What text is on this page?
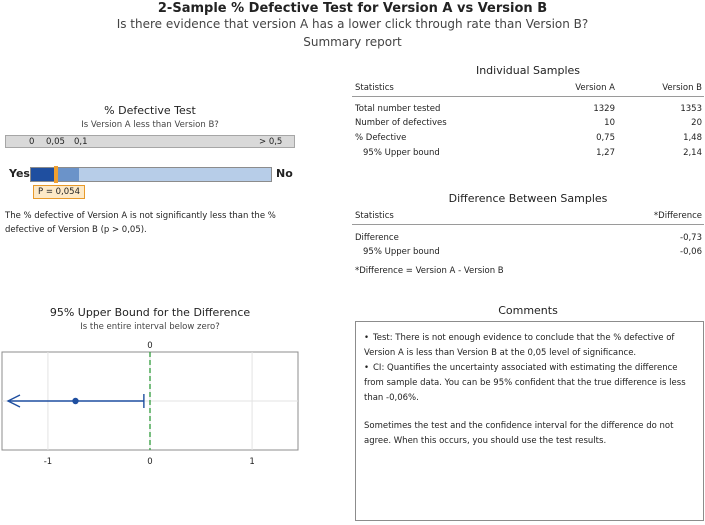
2-Sample % Defective Test for Version A vs Version B
Is there evidence that version A has a lower click through rate than Version B?
Summary report
% Defective Test
Is Version A less than Version B?
0 0,05 0,1	> 0,5
Yes	No
P = 0,054
The % defective of Version A is not significantly less than the % defective of Version B (p > 0,05).
Individual Samples
Statistics	Version A	Version B
Total number tested	1329	1353
Number of defectives	10	20
% Defective	0,75	1,48
95% Upper bound	1,27	2,14
Difference Between Samples
Statistics	*Difference
Difference	-0,73
95% Upper bound	-0,06
*Difference = Version A - Version B
95% Upper Bound for the Difference
Is the entire interval below zero?
0
-1	0	1
Comments
• Test: There is not enough evidence to conclude that the % defective of Version A is less than Version B at the 0,05 level of significance.
• CI: Quantifies the uncertainty associated with estimating the difference from sample data. You can be 95% confident that the true difference is less than -0,06%.
Sometimes the test and the confidence interval for the difference do not agree. When this occurs, you should use the test results.
